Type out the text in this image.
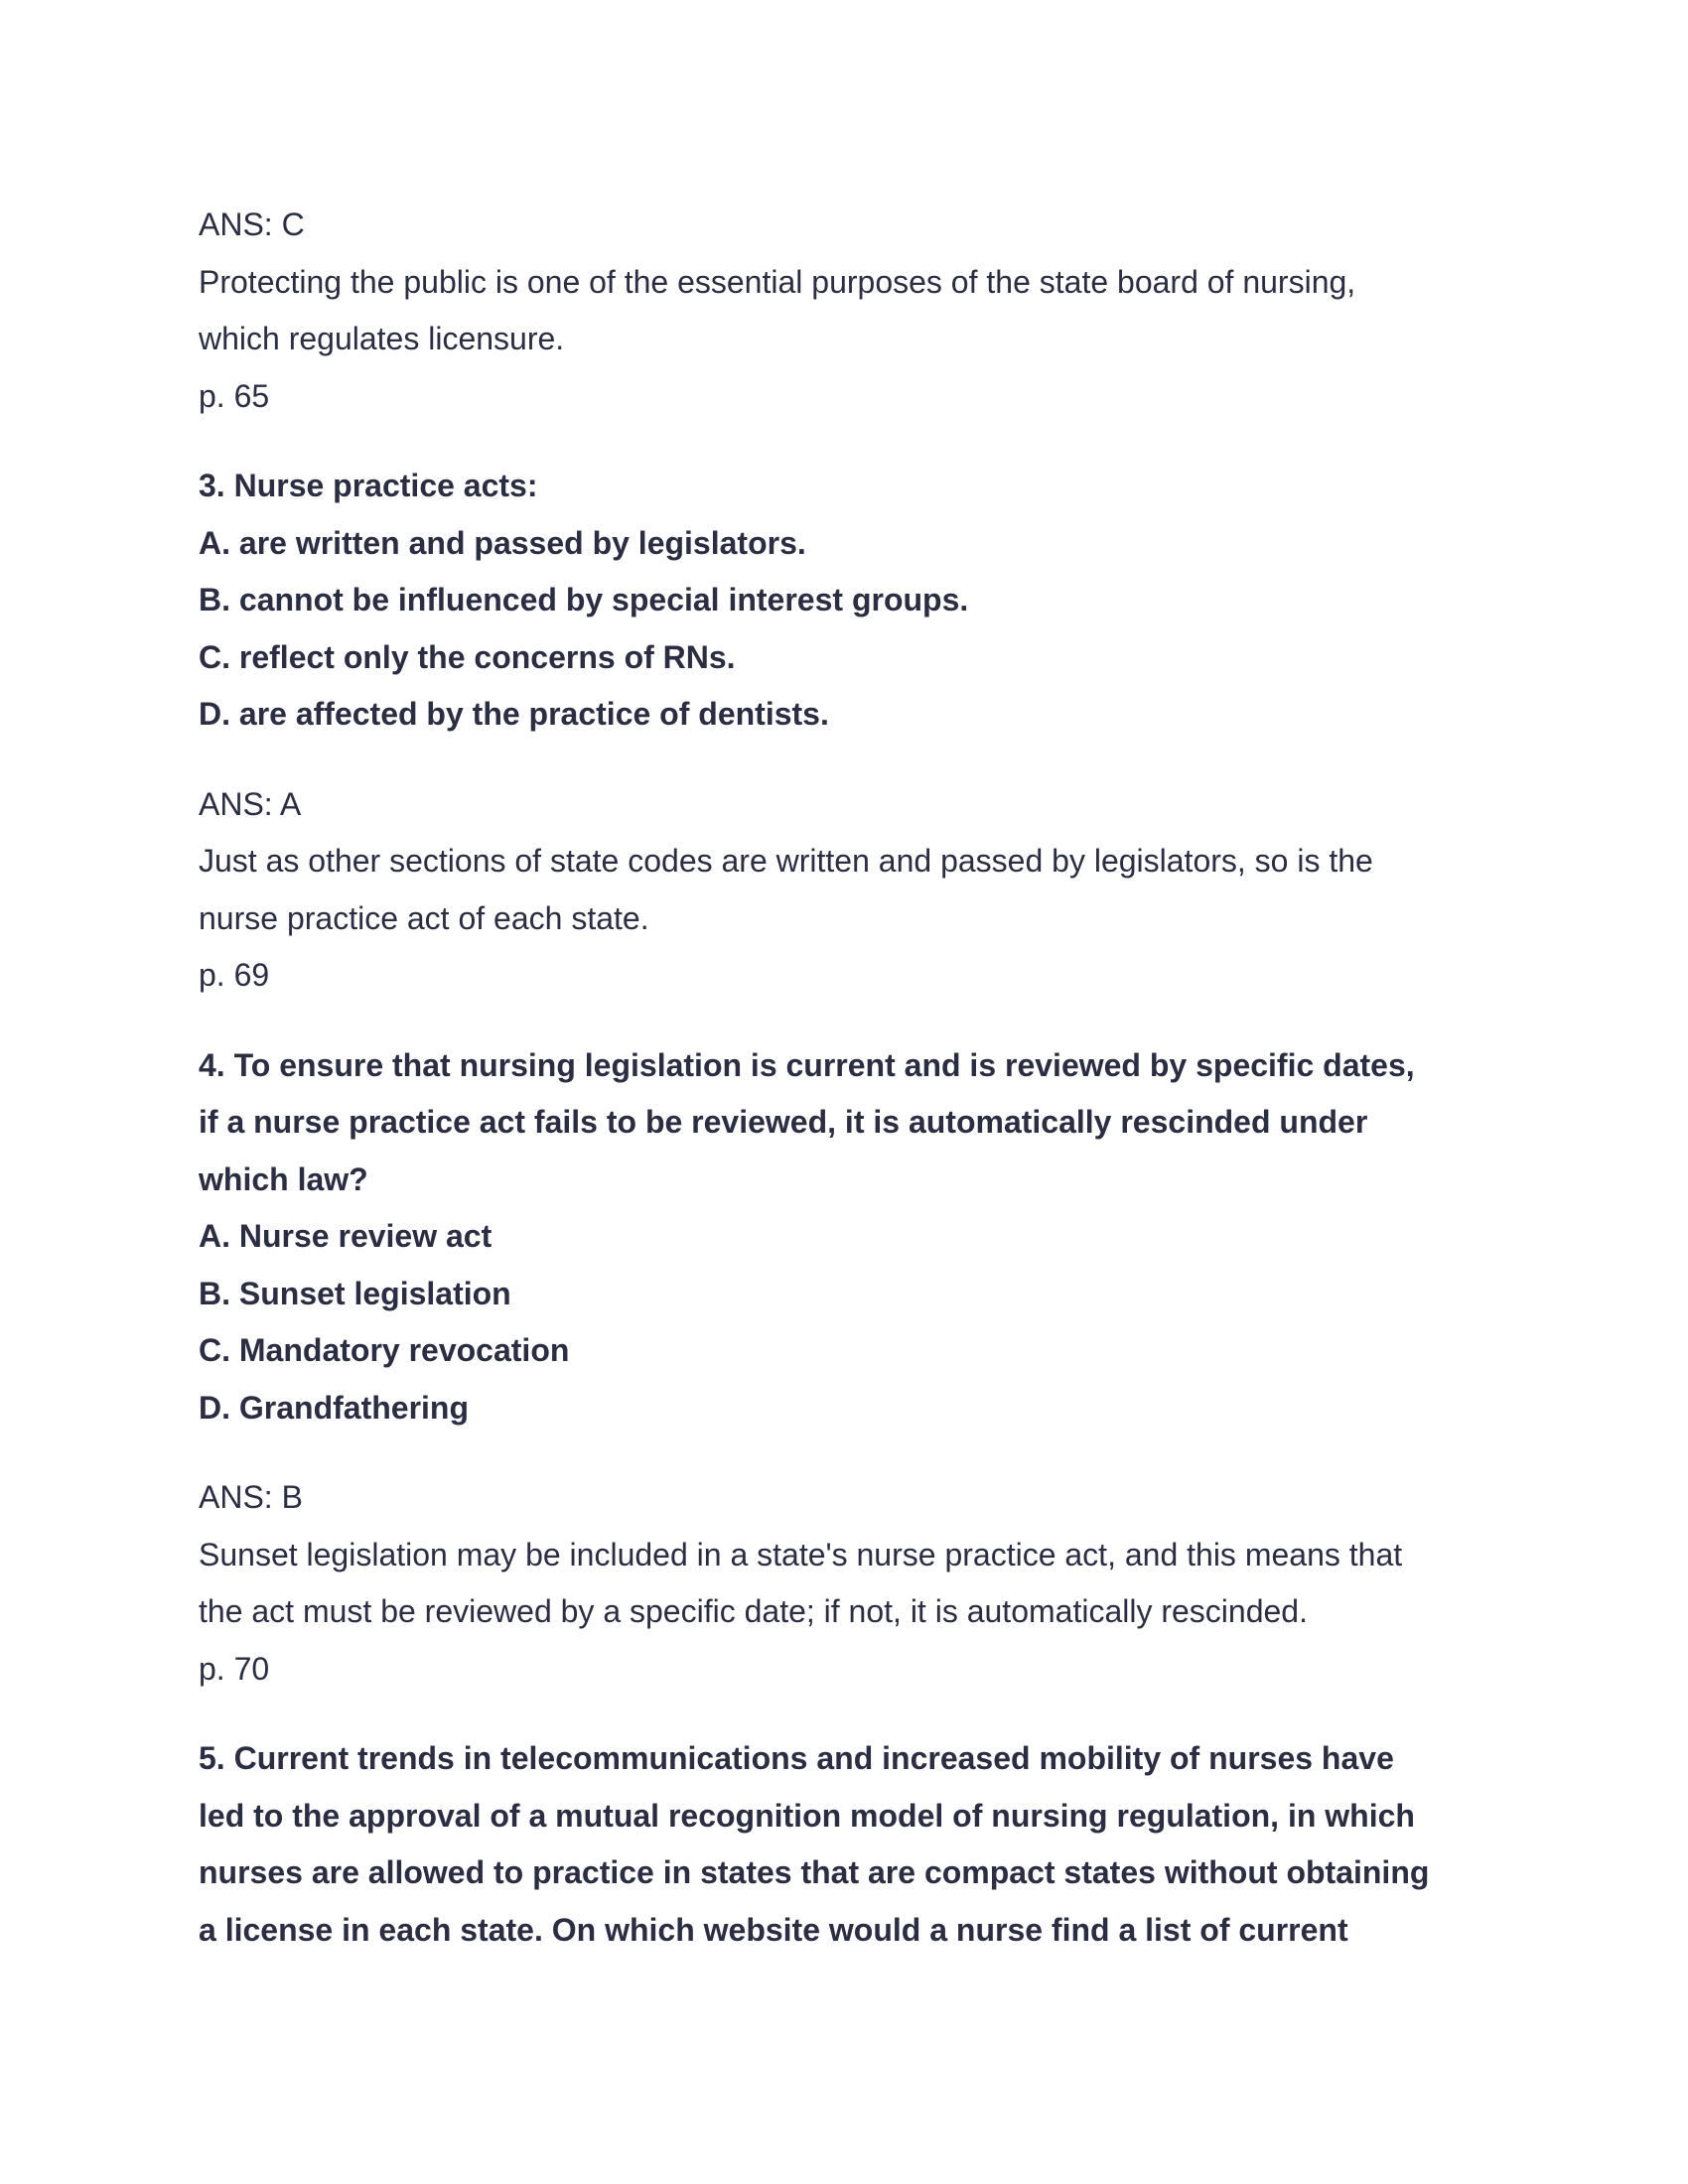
ANS: C

Protecting the public is one of the essential purposes of the state board of nursing,

which regulates licensure.

p. 65

3. Nurse practice acts:

A. are written and passed by legislators.

B. cannot be influenced by special interest groups.

C. reflect only the concerns of RNs.

D. are affected by the practice of dentists.

ANS: A

Just as other sections of state codes are written and passed by legislators, so is the

nurse practice act of each state.

p. 69

4. To ensure that nursing legislation is current and is reviewed by specific dates,

if a nurse practice act fails to be reviewed, it is automatically rescinded under

which law?

A. Nurse review act

B. Sunset legislation

C. Mandatory revocation

D. Grandfathering

ANS: B

Sunset legislation may be included in a state's nurse practice act, and this means that

the act must be reviewed by a specific date; if not, it is automatically rescinded.

p. 70

5. Current trends in telecommunications and increased mobility of nurses have

led to the approval of a mutual recognition model of nursing regulation, in which

nurses are allowed to practice in states that are compact states without obtaining

a license in each state. On which website would a nurse find a list of current
